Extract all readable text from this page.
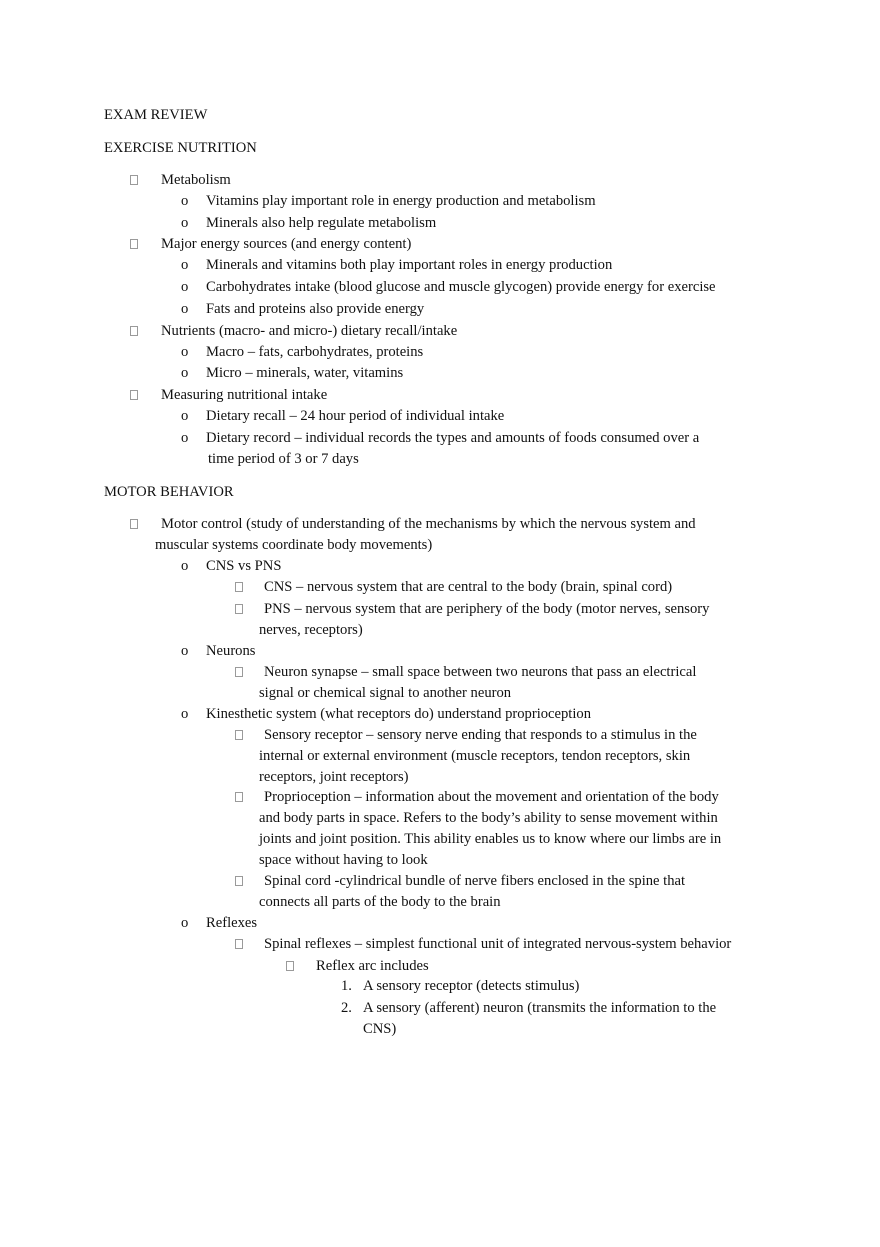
EXAM REVIEW
EXERCISE NUTRITION
Metabolism
o Vitamins play important role in energy production and metabolism
o Minerals also help regulate metabolism
Major energy sources (and energy content)
o Minerals and vitamins both play important roles in energy production
o Carbohydrates intake (blood glucose and muscle glycogen) provide energy for exercise
o Fats and proteins also provide energy
Nutrients (macro- and micro-) dietary recall/intake
o Macro – fats, carbohydrates, proteins
o Micro – minerals, water, vitamins
Measuring nutritional intake
o Dietary recall – 24 hour period of individual intake
o Dietary record – individual records the types and amounts of foods consumed over a
time period of 3 or 7 days
MOTOR BEHAVIOR
Motor control (study of understanding of the mechanisms by which the nervous system and
muscular systems coordinate body movements)
o CNS vs PNS
CNS – nervous system that are central to the body (brain, spinal cord)
PNS – nervous system that are periphery of the body (motor nerves, sensory
nerves, receptors)
o Neurons
Neuron synapse – small space between two neurons that pass an electrical
signal or chemical signal to another neuron
o Kinesthetic system (what receptors do) understand proprioception
Sensory receptor – sensory nerve ending that responds to a stimulus in the
internal or external environment (muscle receptors, tendon receptors, skin
receptors, joint receptors)
Proprioception – information about the movement and orientation of the body
and body parts in space. Refers to the body’s ability to sense movement within
joints and joint position. This ability enables us to know where our limbs are in
space without having to look
Spinal cord -cylindrical bundle of nerve fibers enclosed in the spine that
connects all parts of the body to the brain
o Reflexes
Spinal reflexes – simplest functional unit of integrated nervous-system behavior
Reflex arc includes
1. A sensory receptor (detects stimulus)
2. A sensory (afferent) neuron (transmits the information to the
CNS)
